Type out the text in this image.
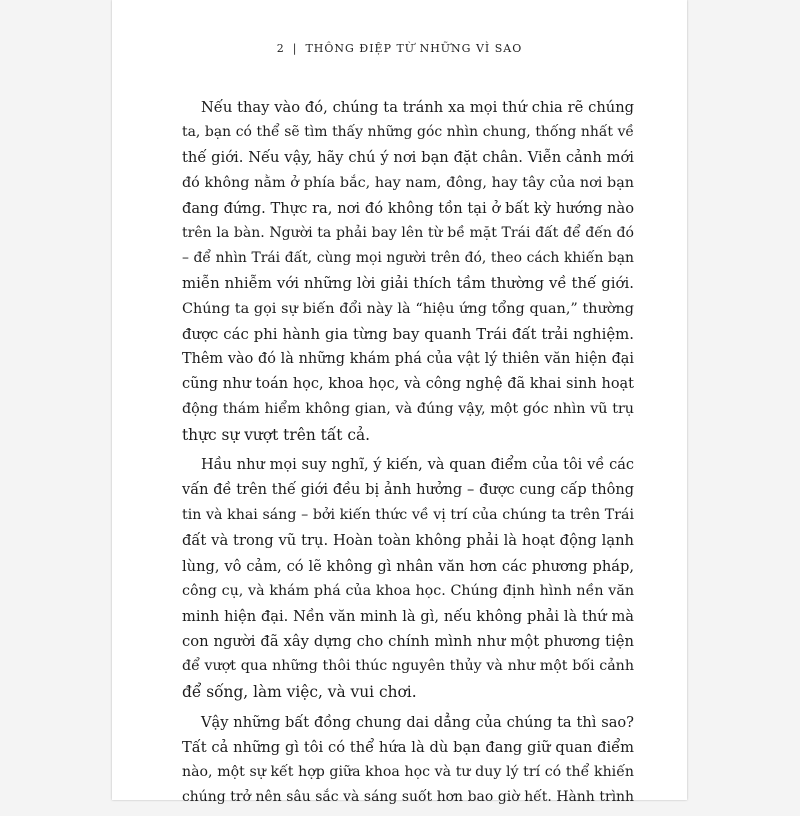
2 | THÔNG ĐIỆP TỪ NHỮNG VÌ SAO
Nếu thay vào đó, chúng ta tránh xa mọi thứ chia rẽ chúng
ta, bạn có thể sẽ tìm thấy những góc nhìn chung, thống nhất về
thế giới. Nếu vậy, hãy chú ý nơi bạn đặt chân. Viễn cảnh mới
đó không nằm ở phía bắc, hay nam, đông, hay tây của nơi bạn
đang đứng. Thực ra, nơi đó không tồn tại ở bất kỳ hướng nào
trên la bàn. Người ta phải bay lên từ bề mặt Trái đất để đến đó
– để nhìn Trái đất, cùng mọi người trên đó, theo cách khiến bạn
miễn nhiễm với những lời giải thích tầm thường về thế giới.
Chúng ta gọi sự biến đổi này là “hiệu ứng tổng quan,” thường
được các phi hành gia từng bay quanh Trái đất trải nghiệm.
Thêm vào đó là những khám phá của vật lý thiên văn hiện đại
cũng như toán học, khoa học, và công nghệ đã khai sinh hoạt
động thám hiểm không gian, và đúng vậy, một góc nhìn vũ trụ
thực sự vượt trên tất cả.
Hầu như mọi suy nghĩ, ý kiến, và quan điểm của tôi về các
vấn đề trên thế giới đều bị ảnh hưởng – được cung cấp thông
tin và khai sáng – bởi kiến thức về vị trí của chúng ta trên Trái
đất và trong vũ trụ. Hoàn toàn không phải là hoạt động lạnh
lùng, vô cảm, có lẽ không gì nhân văn hơn các phương pháp,
công cụ, và khám phá của khoa học. Chúng định hình nền văn
minh hiện đại. Nền văn minh là gì, nếu không phải là thứ mà
con người đã xây dựng cho chính mình như một phương tiện
để vượt qua những thôi thúc nguyên thủy và như một bối cảnh
để sống, làm việc, và vui chơi.
Vậy những bất đồng chung dai dẳng của chúng ta thì sao?
Tất cả những gì tôi có thể hứa là dù bạn đang giữ quan điểm
nào, một sự kết hợp giữa khoa học và tư duy lý trí có thể khiến
chúng trở nên sâu sắc và sáng suốt hơn bao giờ hết. Hành trình
